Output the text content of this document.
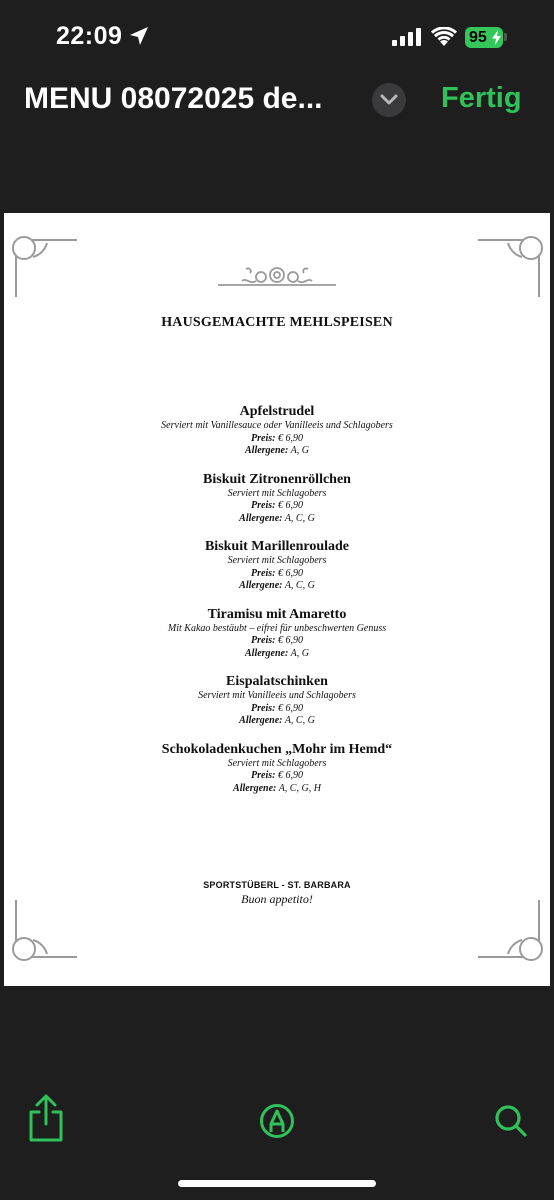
22:09	95
MENU 08072025 de...	Fertig
HAUSGEMACHTE MEHLSPEISEN
Apfelstrudel
Serviert mit Vanillesauce oder Vanilleeis und Schlagobers
Preis: € 6,90
Allergene: A, G
Biskuit Zitronenröllchen
Serviert mit Schlagobers
Preis: € 6,90
Allergene: A, C, G
Biskuit Marillenroulade
Serviert mit Schlagobers
Preis: € 6,90
Allergene: A, C, G
Tiramisu mit Amaretto
Mit Kakao bestäubt – eifrei für unbeschwerten Genuss
Preis: € 6,90
Allergene: A, G
Eispalatschinken
Serviert mit Vanilleeis und Schlagobers
Preis: € 6,90
Allergene: A, C, G
Schokoladenkuchen „Mohr im Hemd“
Serviert mit Schlagobers
Preis: € 6,90
Allergene: A, C, G, H
SPORTSTÜBERL - ST. BARBARA
Buon appetito!
